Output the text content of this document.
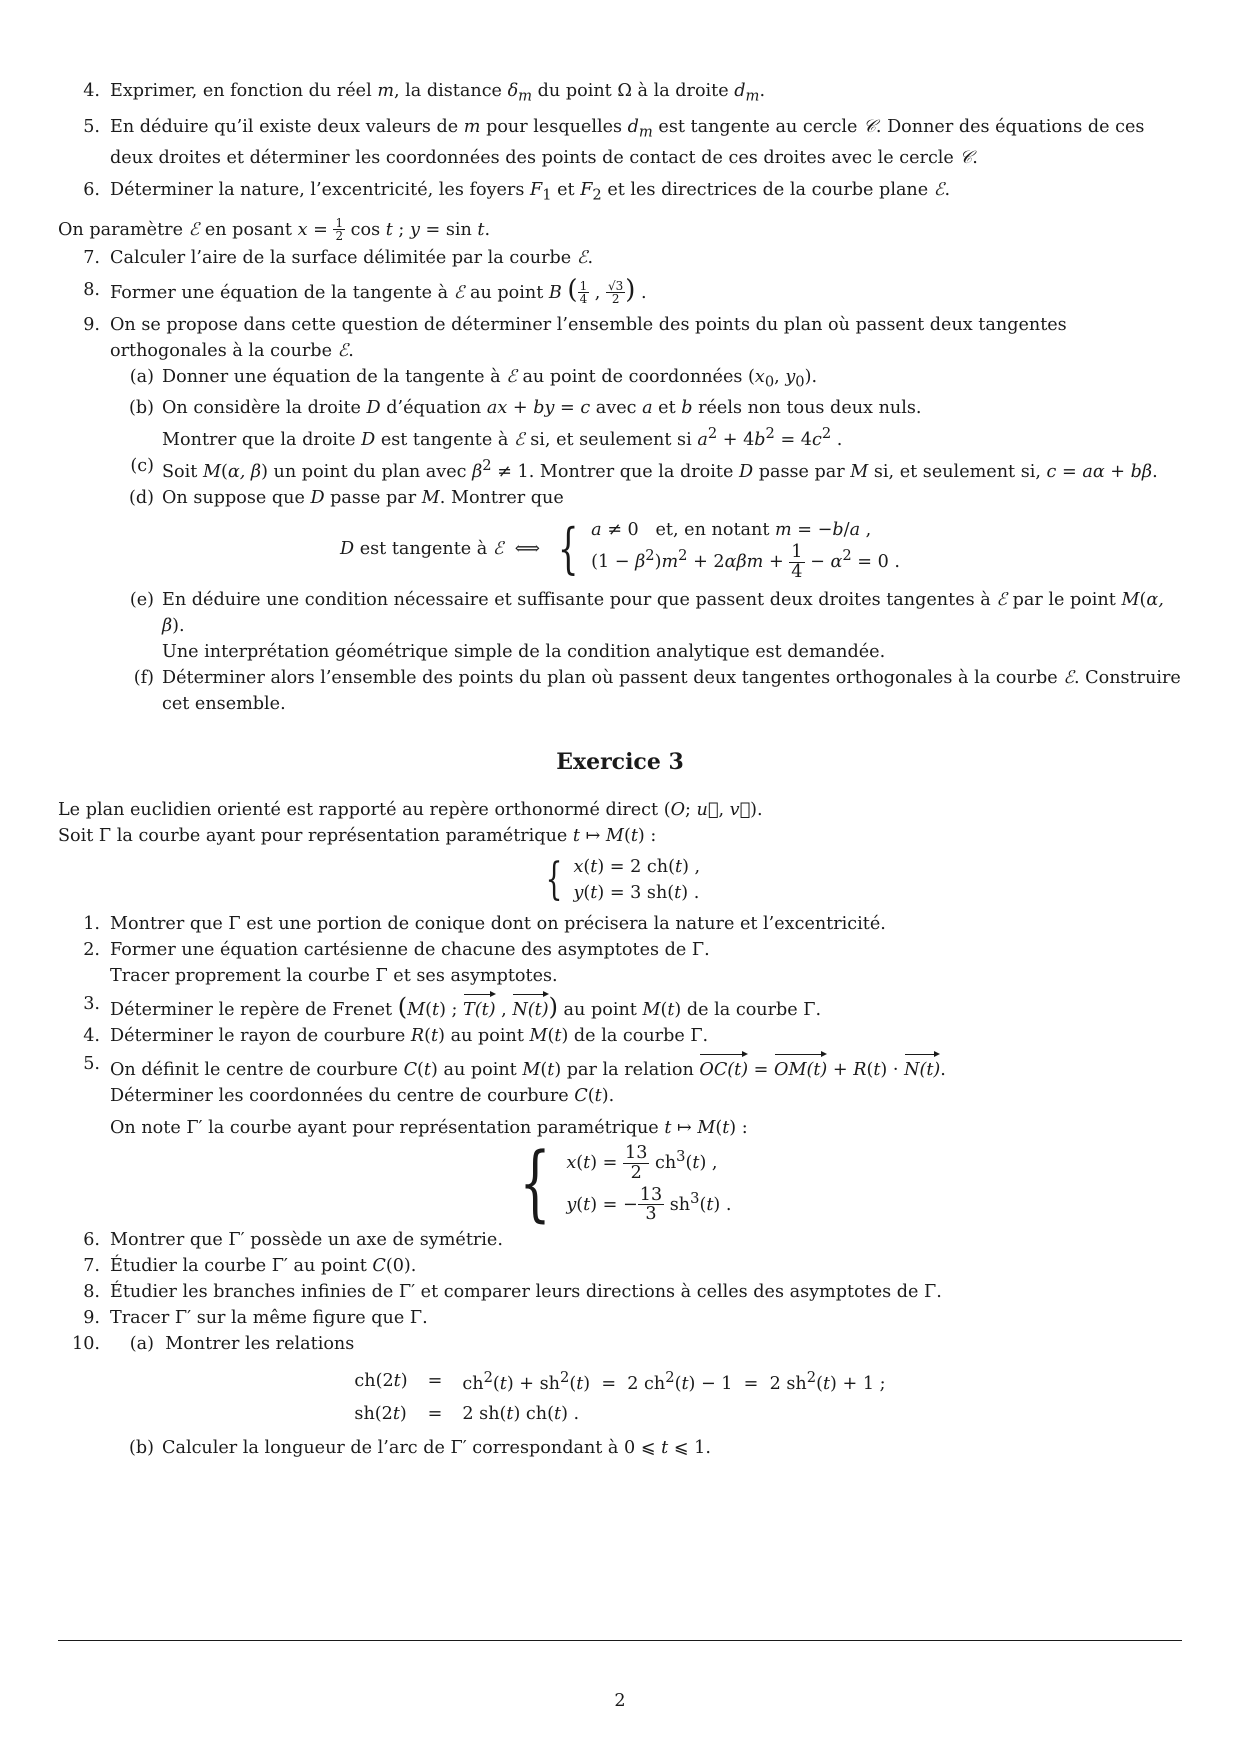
4. Exprimer, en fonction du réel m, la distance $\delta_m$ du point Ω à la droite $d_m$.
5. En déduire qu’il existe deux valeurs de m pour lesquelles $d_m$ est tangente au cercle 𝒞. Donner des équations de ces deux droites et déterminer les coordonnées des points de contact de ces droites avec le cercle 𝒞.
6. Déterminer la nature, l’excentricité, les foyers $F_1$ et $F_2$ et les directrices de la courbe plane ℰ.
On paramètre ℰ en posant $x = \frac{1}{2}$ cos t ; y = sin t.
7. Calculer l’aire de la surface délimitée par la courbe ℰ.
8. Former une équation de la tangente à ℰ au point B ( $\frac{1}{4}$ , $\frac{√3}{2}$ ) .
9. On se propose dans cette question de déterminer l’ensemble des points du plan où passent deux tangentes orthogonales à la courbe ℰ.
(a) Donner une équation de la tangente à ℰ au point de coordonnées ($x_0$, $y_0$).
(b) On considère la droite D d’équation ax + by = c avec a et b réels non tous deux nuls.
Montrer que la droite D est tangente à ℰ si, et seulement si $a^2 + 4b^2 = 4c^2$ .
(c) Soit M(α, β) un point du plan avec $\beta^2 \ne 1$. Montrer que la droite D passe par M si, et seulement si, c = aα + bβ.
(d) On suppose que D passe par M. Montrer que
D est tangente à ℰ  ⟺  { a ≠ 0   et, en notant m = −b/a ,
$(1 - \beta^2)m^2 + 2\alpha\beta m + \frac{1}{4} - \alpha^2 = 0$ .
(e) En déduire une condition nécessaire et suffisante pour que passent deux droites tangentes à ℰ par le point M(α, β).
Une interprétation géométrique simple de la condition analytique est demandée.
(f) Déterminer alors l’ensemble des points du plan où passent deux tangentes orthogonales à la courbe ℰ. Construire cet ensemble.
Exercice 3
Le plan euclidien orienté est rapporté au repère orthonormé direct (O; u⃗, v⃗).
Soit Γ la courbe ayant pour représentation paramétrique t ↦ M(t) :
{ x(t) = 2 ch(t) ,
y(t) = 3 sh(t) .
1. Montrer que Γ est une portion de conique dont on précisera la nature et l’excentricité.
2. Former une équation cartésienne de chacune des asymptotes de Γ.
Tracer proprement la courbe Γ et ses asymptotes.
3. Déterminer le repère de Frenet (M(t) ; T(t) , N(t)) au point M(t) de la courbe Γ.
4. Déterminer le rayon de courbure R(t) au point M(t) de la courbe Γ.
5. On définit le centre de courbure C(t) au point M(t) par la relation OC(t) = OM(t) + R(t) · N(t).
Déterminer les coordonnées du centre de courbure C(t).
On note Γ′ la courbe ayant pour représentation paramétrique t ↦ M(t) :
{ $x(t) = \frac{13}{2} ch^3(t)$ ,
y(t) = − $\frac{13}{3} sh^3(t)$ .
6. Montrer que Γ′ possède un axe de symétrie.
7. Étudier la courbe Γ′ au point C(0).
8. Étudier les branches infinies de Γ′ et comparer leurs directions à celles des asymptotes de Γ.
9. Tracer Γ′ sur la même figure que Γ.
10.	(a) Montrer les relations
ch(2t)	=	$ch^2(t) + sh^2(t) = 2$ $ch^2(t) - 1 = 2$ $sh^2(t) + 1$ ;
sh(2t)	=	2 sh(t) ch(t) .
(b) Calculer la longueur de l’arc de Γ′ correspondant à 0 ⩽ t ⩽ 1.
2
